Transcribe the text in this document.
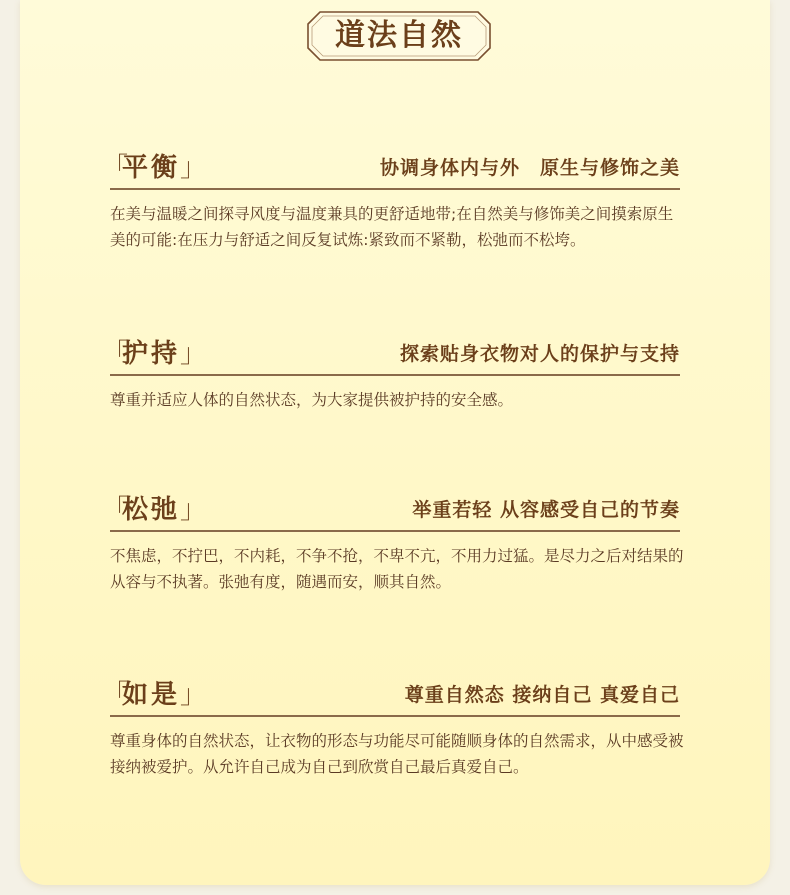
道法自然
「
平衡 」	协调身体内与外　原生与修饰之美
在美与温暖之间探寻风度与温度兼具的更舒适地带;在自然美与修饰美之间摸索原生美的可能:在压力与舒适之间反复试炼:紧致而不紧勒，松弛而不松垮。
「
护持 」	探索贴身衣物对人的保护与支持
尊重并适应人体的自然状态，为大家提供被护持的安全感。
「
松弛 」	举重若轻 从容感受自己的节奏
不焦虑，不拧巴，不内耗，不争不抢，不卑不亢，不用力过猛。是尽力之后对结果的从容与不执著。张弛有度，随遇而安，顺其自然。
「
如是 」	尊重自然态 接纳自己 真爱自己
尊重身体的自然状态，让衣物的形态与功能尽可能随顺身体的自然需求，从中感受被接纳被爱护。从允许自己成为自己到欣赏自己最后真爱自己。
